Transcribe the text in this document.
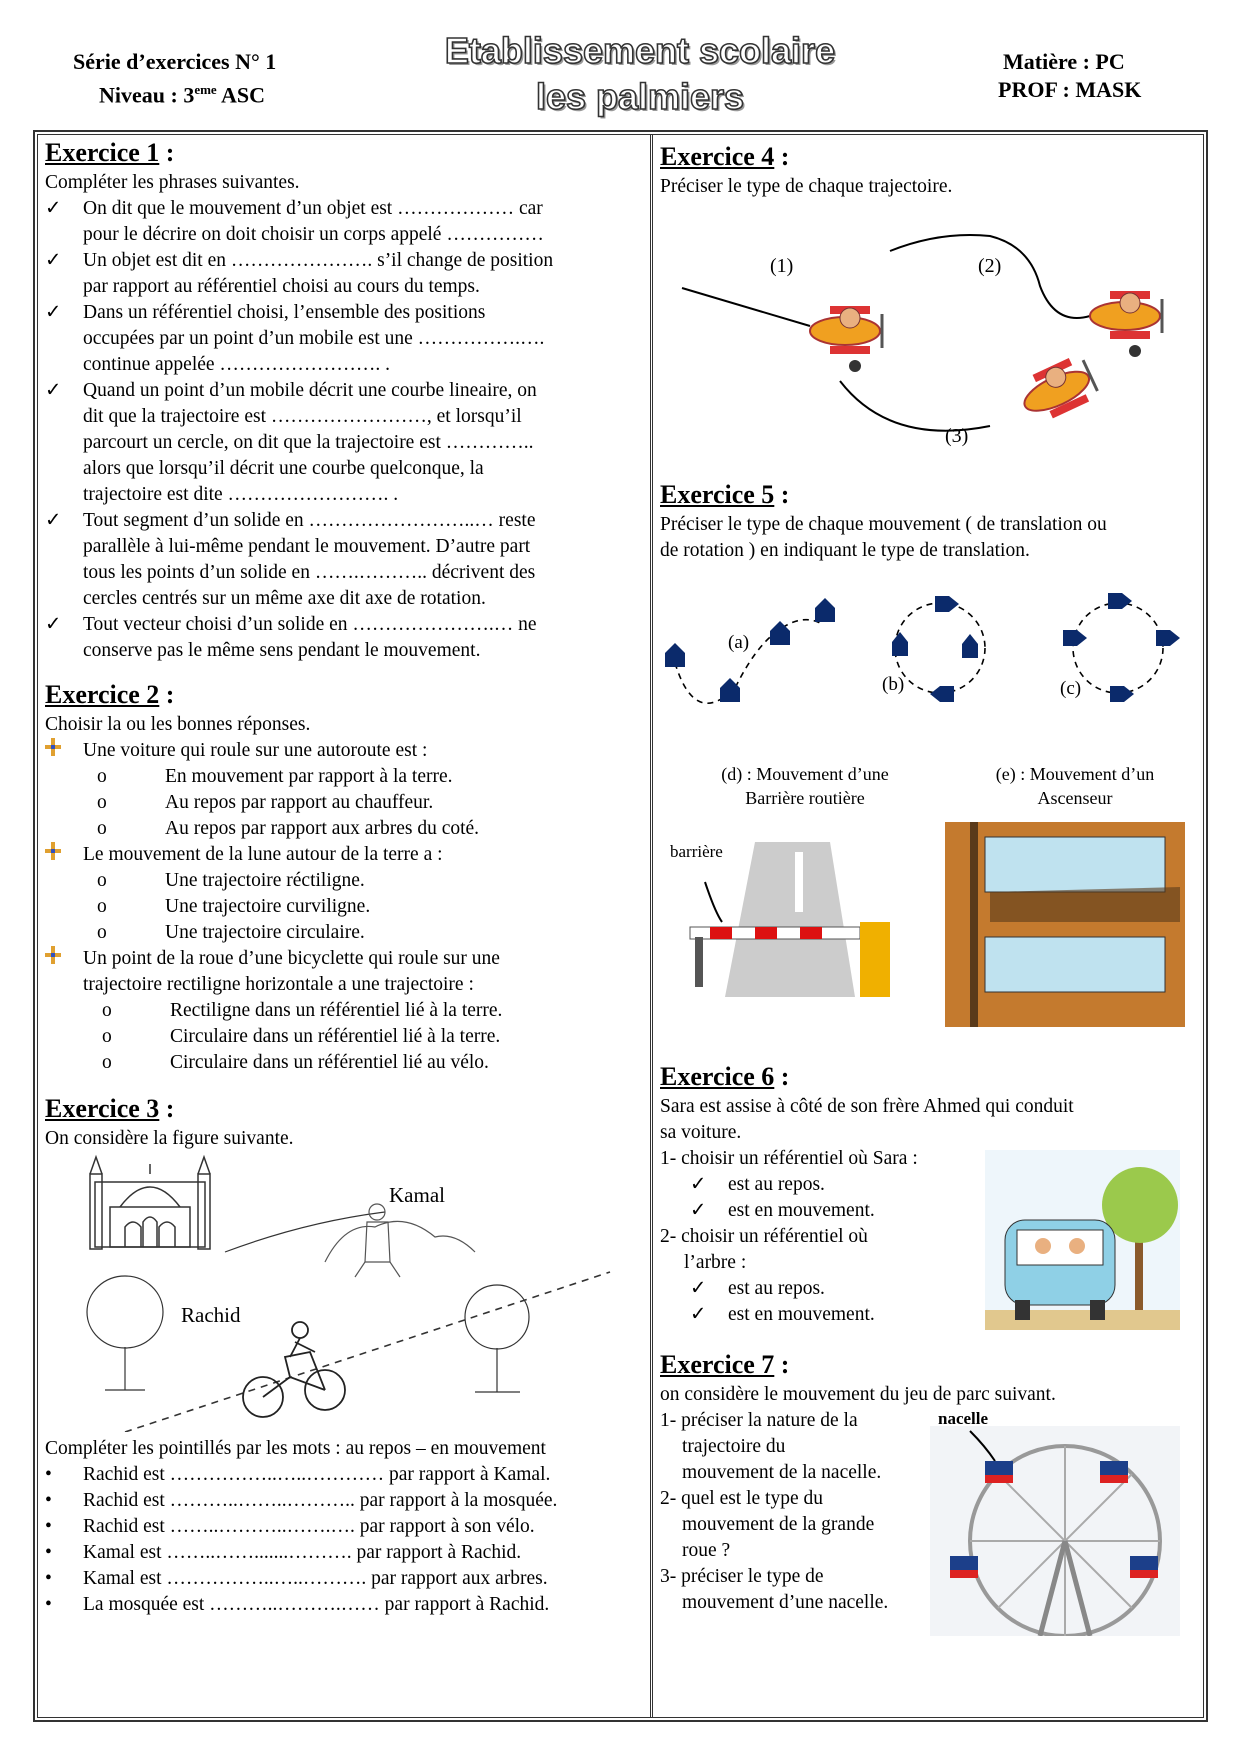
Série d’exercices N° 1
Niveau : 3eme ASC
Etablissement scolaire
les palmiers
Matière : PC
PROF : MASK
Exercice 1 :
Compléter les phrases suivantes.
✓ On dit que le mouvement d’un objet est ……………… car
pour le décrire on doit choisir un corps appelé ……………
✓ Un objet est dit en …………………. s’il change de position
par rapport au référentiel choisi au cours du temps.
✓ Dans un référentiel choisi, l’ensemble des positions
occupées par un point d’un mobile est une …………….….
continue appelée ……………………. .
✓ Quand un point d’un mobile décrit une courbe lineaire, on
dit que la trajectoire est ……………………, et lorsqu’il
parcourt un cercle, on dit que la trajectoire est …………..
alors que lorsqu’il décrit une courbe quelconque, la
trajectoire est dite ……………………. .
✓ Tout segment d’un solide en ……………………..… reste
parallèle à lui-même pendant le mouvement. D’autre part
tous les points d’un solide en …….……….. décrivent des
cercles centrés sur un même axe dit axe de rotation.
✓ Tout vecteur choisi d’un solide en ………………….… ne
conserve pas le même sens pendant le mouvement.
Exercice 2 :
Choisir la ou les bonnes réponses.
Une voiture qui roule sur une autoroute est :
o	En mouvement par rapport à la terre.
o	Au repos par rapport au chauffeur.
o	Au repos par rapport aux arbres du coté.
Le mouvement de la lune autour de la terre a :
o	Une trajectoire réctiligne.
o	Une trajectoire curviligne.
o	Une trajectoire circulaire.
Un point de la roue d’une bicyclette qui roule sur une
trajectoire rectiligne horizontale a une trajectoire :
o	Rectiligne dans un référentiel lié à la terre.
o	Circulaire dans un référentiel lié à la terre.
o	Circulaire dans un référentiel lié au vélo.
Exercice 3 :
On considère la figure suivante.
Kamal
Rachid
Compléter les pointillés par les mots : au repos – en mouvement
• Rachid est ……………..…..………… par rapport à Kamal.
• Rachid est ………..……..……….. par rapport à la mosquée.
• Rachid est ……..………..…….…. par rapport à son vélo.
• Kamal est ……..…….......………. par rapport à Rachid.
• Kamal est ……………..…..………. par rapport aux arbres.
• La mosquée est ………..……….…… par rapport à Rachid.
Exercice 4 :
Préciser le type de chaque trajectoire.
(1)	(2)
(3)
Exercice 5 :
Préciser le type de chaque mouvement ( de translation ou
de rotation ) en indiquant le type de translation.
(a)
(b)	(c)
(d) : Mouvement d’une
Barrière routière
(e) : Mouvement d’un
Ascenseur
barrière
Exercice 6 :
Sara est assise à côté de son frère Ahmed qui conduit
sa voiture.
1- choisir un référentiel où Sara :
✓ est au repos.
✓ est en mouvement.
2- choisir un référentiel où
l’arbre :
✓ est au repos.
✓ est en mouvement.
Exercice 7 :
on considère le mouvement du jeu de parc suivant.
1- préciser la nature de la
trajectoire du
mouvement de la nacelle.
2- quel est le type du
mouvement de la grande
roue ?
3- préciser le type de
mouvement d’une nacelle.
nacelle
